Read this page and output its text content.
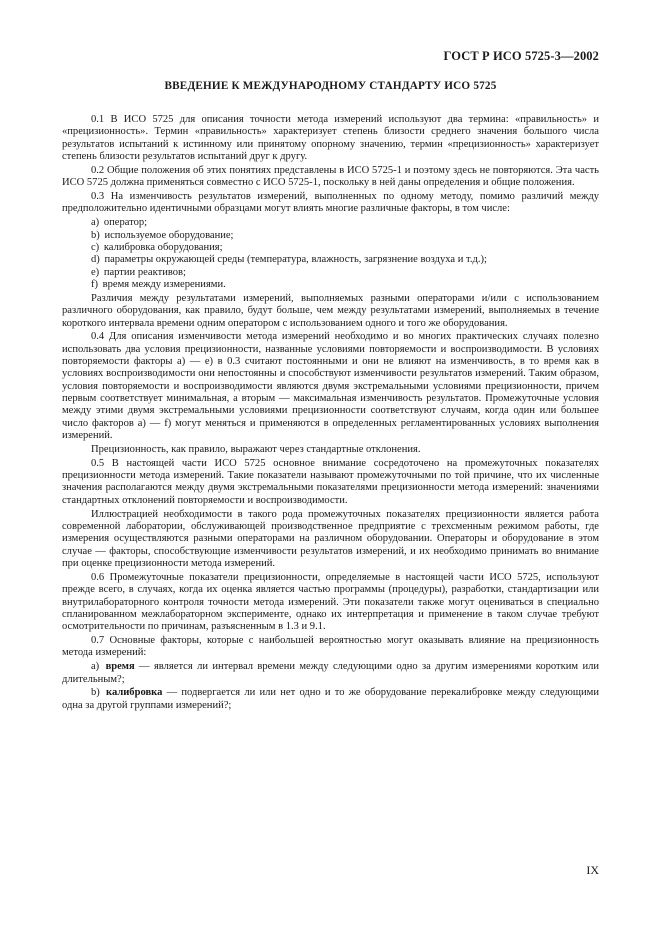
ГОСТ Р ИСО 5725-3—2002
ВВЕДЕНИЕ К МЕЖДУНАРОДНОМУ СТАНДАРТУ ИСО 5725

0.1 В ИСО 5725 для описания точности метода измерений используют два термина: «правильность» и «прецизионность». Термин «правильность» характеризует степень близости среднего значения большого числа результатов испытаний к истинному или принятому опорному значению, термин «прецизионность» характеризует степень близости результатов испытаний друг к другу.

0.2 Общие положения об этих понятиях представлены в ИСО 5725-1 и поэтому здесь не повторяются. Эта часть ИСО 5725 должна применяться совместно с ИСО 5725-1, поскольку в ней даны определения и общие положения.

0.3 На изменчивость результатов измерений, выполненных по одному методу, помимо различий между предположительно идентичными образцами могут влиять многие различные факторы, в том числе:

a) оператор;
b) используемое оборудование;
c) калибровка оборудования;
d) параметры окружающей среды (температура, влажность, загрязнение воздуха и т.д.);
e) партии реактивов;
f) время между измерениями.

Различия между результатами измерений, выполняемых разными операторами и/или с использованием различного оборудования, как правило, будут больше, чем между результатами измерений, выполняемых в течение короткого интервала времени одним оператором с использованием одного и того же оборудования.

0.4 Для описания изменчивости метода измерений необходимо и во многих практических случаях полезно использовать два условия прецизионности, названные условиями повторяемости и воспроизводимости. В условиях повторяемости факторы а) — е) в 0.3 считают постоянными и они не влияют на изменчивость, в то время как в условиях воспроизводимости они непостоянны и способствуют изменчивости результатов измерений. Таким образом, условия повторяемости и воспроизводимости являются двумя экстремальными условиями прецизионности, причем первым соответствует минимальная, а вторым — максимальная изменчивость результатов. Промежуточные условия между этими двумя экстремальными условиями прецизионности соответствуют случаям, когда один или большее число факторов а) — f) могут меняться и применяются в определенных регламентированных условиях выполнения измерений.

Прецизионность, как правило, выражают через стандартные отклонения.

0.5 В настоящей части ИСО 5725 основное внимание сосредоточено на промежуточных показателях прецизионности метода измерений. Такие показатели называют промежуточными по той причине, что их численные значения располагаются между двумя экстремальными показателями прецизионности метода измерений: значениями стандартных отклонений повторяемости и воспроизводимости.

Иллюстрацией необходимости в такого рода промежуточных показателях прецизионности является работа современной лаборатории, обслуживающей производственное предприятие с трехсменным режимом работы, где измерения осуществляются разными операторами на различном оборудовании. Операторы и оборудование в этом случае — факторы, способствующие изменчивости результатов измерений, и их необходимо принимать во внимание при оценке прецизионности метода измерений.

0.6 Промежуточные показатели прецизионности, определяемые в настоящей части ИСО 5725, используют прежде всего, в случаях, когда их оценка является частью программы (процедуры), разработки, стандартизации или внутрилабораторного контроля точности метода измерений. Эти показатели также могут оцениваться в специально спланированном межлабораторном эксперименте, однако их интерпретация и применение в таком случае требуют осмотрительности по причинам, разъясненным в 1.3 и 9.1.

0.7 Основные факторы, которые с наибольшей вероятностью могут оказывать влияние на прецизионность метода измерений:

а) время — является ли интервал времени между следующими одно за другим измерениями коротким или длительным?;

b) калибровка — подвергается ли или нет одно и то же оборудование перекалибровке между следующими одна за другой группами измерений?;

IX
